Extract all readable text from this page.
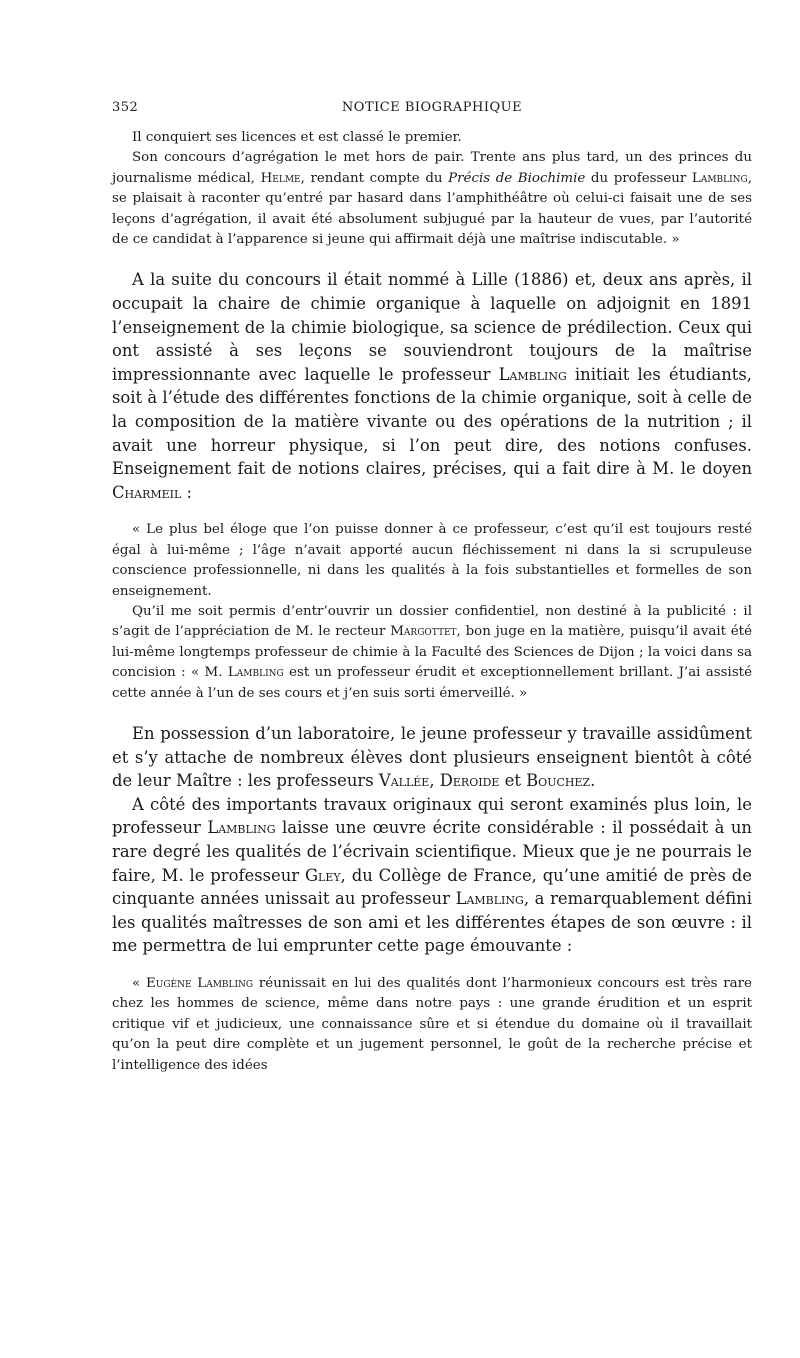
352	NOTICE BIOGRAPHIQUE

Il conquiert ses licences et est classé le premier.

Son concours d’agrégation le met hors de pair. Trente ans plus tard, un des princes du journalisme médical, Helme, rendant compte du Précis de Biochimie du professeur Lambling, se plaisait à raconter qu’entré par hasard dans l’amphithéâtre où celui-ci faisait une de ses leçons d’agrégation, il avait été absolument subjugué par la hauteur de vues, par l’autorité de ce candidat à l’apparence si jeune qui affirmait déjà une maîtrise indiscutable. »

A la suite du concours il était nommé à Lille (1886) et, deux ans après, il occupait la chaire de chimie organique à laquelle on adjoignit en 1891 l’enseignement de la chimie biologique, sa science de prédilection. Ceux qui ont assisté à ses leçons se souviendront toujours de la maîtrise impressionnante avec laquelle le professeur Lambling initiait les étudiants, soit à l’étude des différentes fonctions de la chimie organique, soit à celle de la composition de la matière vivante ou des opérations de la nutrition ; il avait une horreur physique, si l’on peut dire, des notions confuses. Enseignement fait de notions claires, précises, qui a fait dire à M. le doyen Charmeil :

« Le plus bel éloge que l’on puisse donner à ce professeur, c’est qu’il est toujours resté égal à lui-même ; l’âge n’avait apporté aucun fléchissement ni dans la si scrupuleuse conscience professionnelle, ni dans les qualités à la fois substantielles et formelles de son enseignement.

Qu’il me soit permis d’entr’ouvrir un dossier confidentiel, non destiné à la publicité : il s’agit de l’appréciation de M. le recteur Margottet, bon juge en la matière, puisqu’il avait été lui-même longtemps professeur de chimie à la Faculté des Sciences de Dijon ; la voici dans sa concision : « M. Lambling est un professeur érudit et exceptionnellement brillant. J’ai assisté cette année à l’un de ses cours et j’en suis sorti émerveillé. »

En possession d’un laboratoire, le jeune professeur y travaille assidûment et s’y attache de nombreux élèves dont plusieurs enseignent bientôt à côté de leur Maître : les professeurs Vallée, Deroide et Bouchez.

A côté des importants travaux originaux qui seront examinés plus loin, le professeur Lambling laisse une œuvre écrite considérable : il possédait à un rare degré les qualités de l’écrivain scientifique. Mieux que je ne pourrais le faire, M. le professeur Gley, du Collège de France, qu’une amitié de près de cinquante années unissait au professeur Lambling, a remarquablement défini les qualités maîtresses de son ami et les différentes étapes de son œuvre : il me permettra de lui emprunter cette page émouvante :

« Eugène Lambling réunissait en lui des qualités dont l’harmonieux concours est très rare chez les hommes de science, même dans notre pays : une grande érudition et un esprit critique vif et judicieux, une connaissance sûre et si étendue du domaine où il travaillait qu’on la peut dire complète et un jugement personnel, le goût de la recherche précise et l’intelligence des idées
